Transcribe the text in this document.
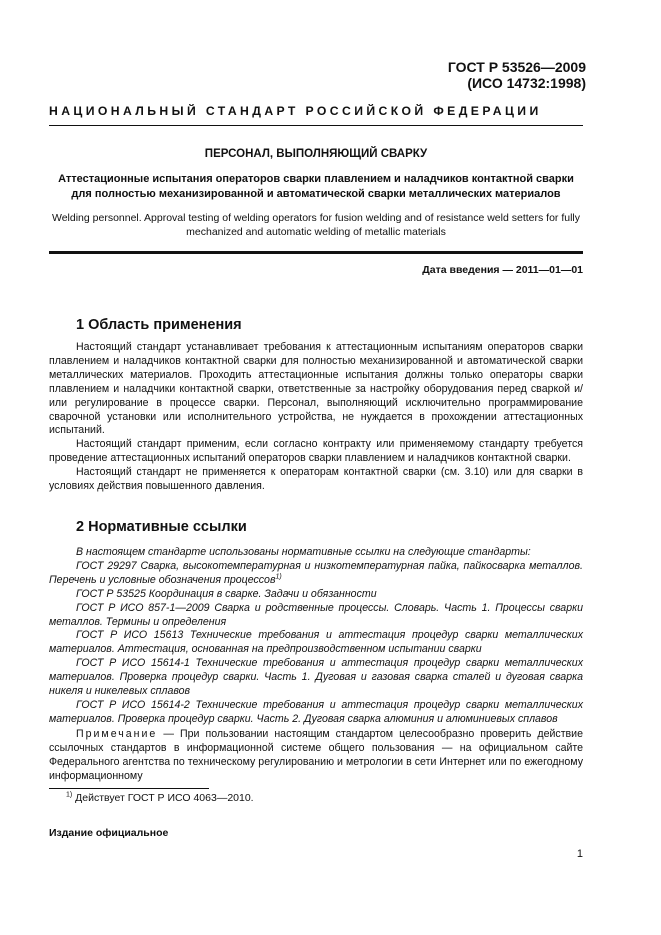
ГОСТ Р 53526—2009
(ИСО 14732:1998)
НАЦИОНАЛЬНЫЙ СТАНДАРТ РОССИЙСКОЙ ФЕДЕРАЦИИ
ПЕРСОНАЛ, ВЫПОЛНЯЮЩИЙ СВАРКУ
Аттестационные испытания операторов сварки плавлением и наладчиков контактной сварки
для полностью механизированной и автоматической сварки металлических материалов
Welding personnel. Approval testing of welding operators for fusion welding and of resistance weld setters for fully
mechanized and automatic welding of metallic materials
Дата введения — 2011—01—01
1 Область применения

Настоящий стандарт устанавливает требования к аттестационным испытаниям операторов сварки плавлением и наладчиков контактной сварки для полностью механизированной и автоматической сварки металлических материалов. Проходить аттестационные испытания должны только операторы сварки плавлением и наладчики контактной сварки, ответственные за настройку оборудования перед сваркой и/или регулирование в процессе сварки. Персонал, выполняющий исключительно программирование сварочной установки или исполнительного устройства, не нуждается в прохождении аттестационных испытаний.

Настоящий стандарт применим, если согласно контракту или применяемому стандарту требуется проведение аттестационных испытаний операторов сварки плавлением и наладчиков контактной сварки.

Настоящий стандарт не применяется к операторам контактной сварки (см. 3.10) или для сварки в условиях действия повышенного давления.

2 Нормативные ссылки

В настоящем стандарте использованы нормативные ссылки на следующие стандарты:

ГОСТ 29297 Сварка, высокотемпературная и низкотемпературная пайка, пайкосварка металлов. Перечень и условные обозначения процессов$^{1)}$

ГОСТ Р 53525 Координация в сварке. Задачи и обязанности

ГОСТ Р ИСО 857-1—2009 Сварка и родственные процессы. Словарь. Часть 1. Процессы сварки металлов. Термины и определения

ГОСТ Р ИСО 15613 Технические требования и аттестация процедур сварки металлических материалов. Аттестация, основанная на предпроизводственном испытании сварки

ГОСТ Р ИСО 15614-1 Технические требования и аттестация процедур сварки металлических материалов. Проверка процедур сварки. Часть 1. Дуговая и газовая сварка сталей и дуговая сварка никеля и никелевых сплавов

ГОСТ Р ИСО 15614-2 Технические требования и аттестация процедур сварки металлических материалов. Проверка процедур сварки. Часть 2. Дуговая сварка алюминия и алюминиевых сплавов

Примечание — При пользовании настоящим стандартом целесообразно проверить действие ссылочных стандартов в информационной системе общего пользования — на официальном сайте Федерального агентства по техническому регулированию и метрологии в сети Интернет или по ежегодному информационному

$^{1)}$ Действует ГОСТ Р ИСО 4063—2010.
Издание официальное
1
